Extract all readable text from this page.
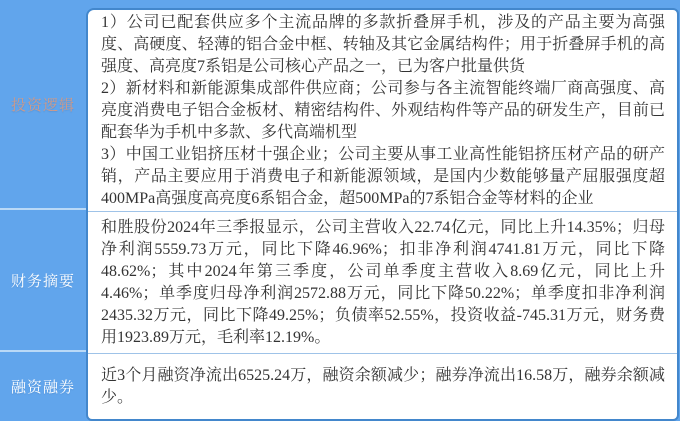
投资逻辑
财务摘要
融资融券

1）公司已配套供应多个主流品牌的多款折叠屏手机，涉及的产品主要为高强度、高硬度、轻薄的铝合金中框、转轴及其它金属结构件；用于折叠屏手机的高强度、高亮度7系铝是公司核心产品之一，已为客户批量供货

2）新材料和新能源集成部件供应商；公司参与各主流智能终端厂商高强度、高亮度消费电子铝合金板材、精密结构件、外观结构件等产品的研发生产，目前已配套华为手机中多款、多代高端机型

3）中国工业铝挤压材十强企业；公司主要从事工业高性能铝挤压材产品的研产销，产品主要应用于消费电子和新能源领域，是国内少数能够量产屈服强度超400MPa高强度高亮度6系铝合金，超500MPa的7系铝合金等材料的企业

和胜股份2024年三季报显示，公司主营收入22.74亿元，同比上升14.35%；归母净利润5559.73万元，同比下降46.96%；扣非净利润4741.81万元，同比下降48.62%；其中2024年第三季度，公司单季度主营收入8.69亿元，同比上升4.46%；单季度归母净利润2572.88万元，同比下降50.22%；单季度扣非净利润2435.32万元，同比下降49.25%；负债率52.55%，投资收益-745.31万元，财务费用1923.89万元，毛利率12.19%。

近3个月融资净流出6525.24万，融资余额减少；融券净流出16.58万，融券余额减少。
